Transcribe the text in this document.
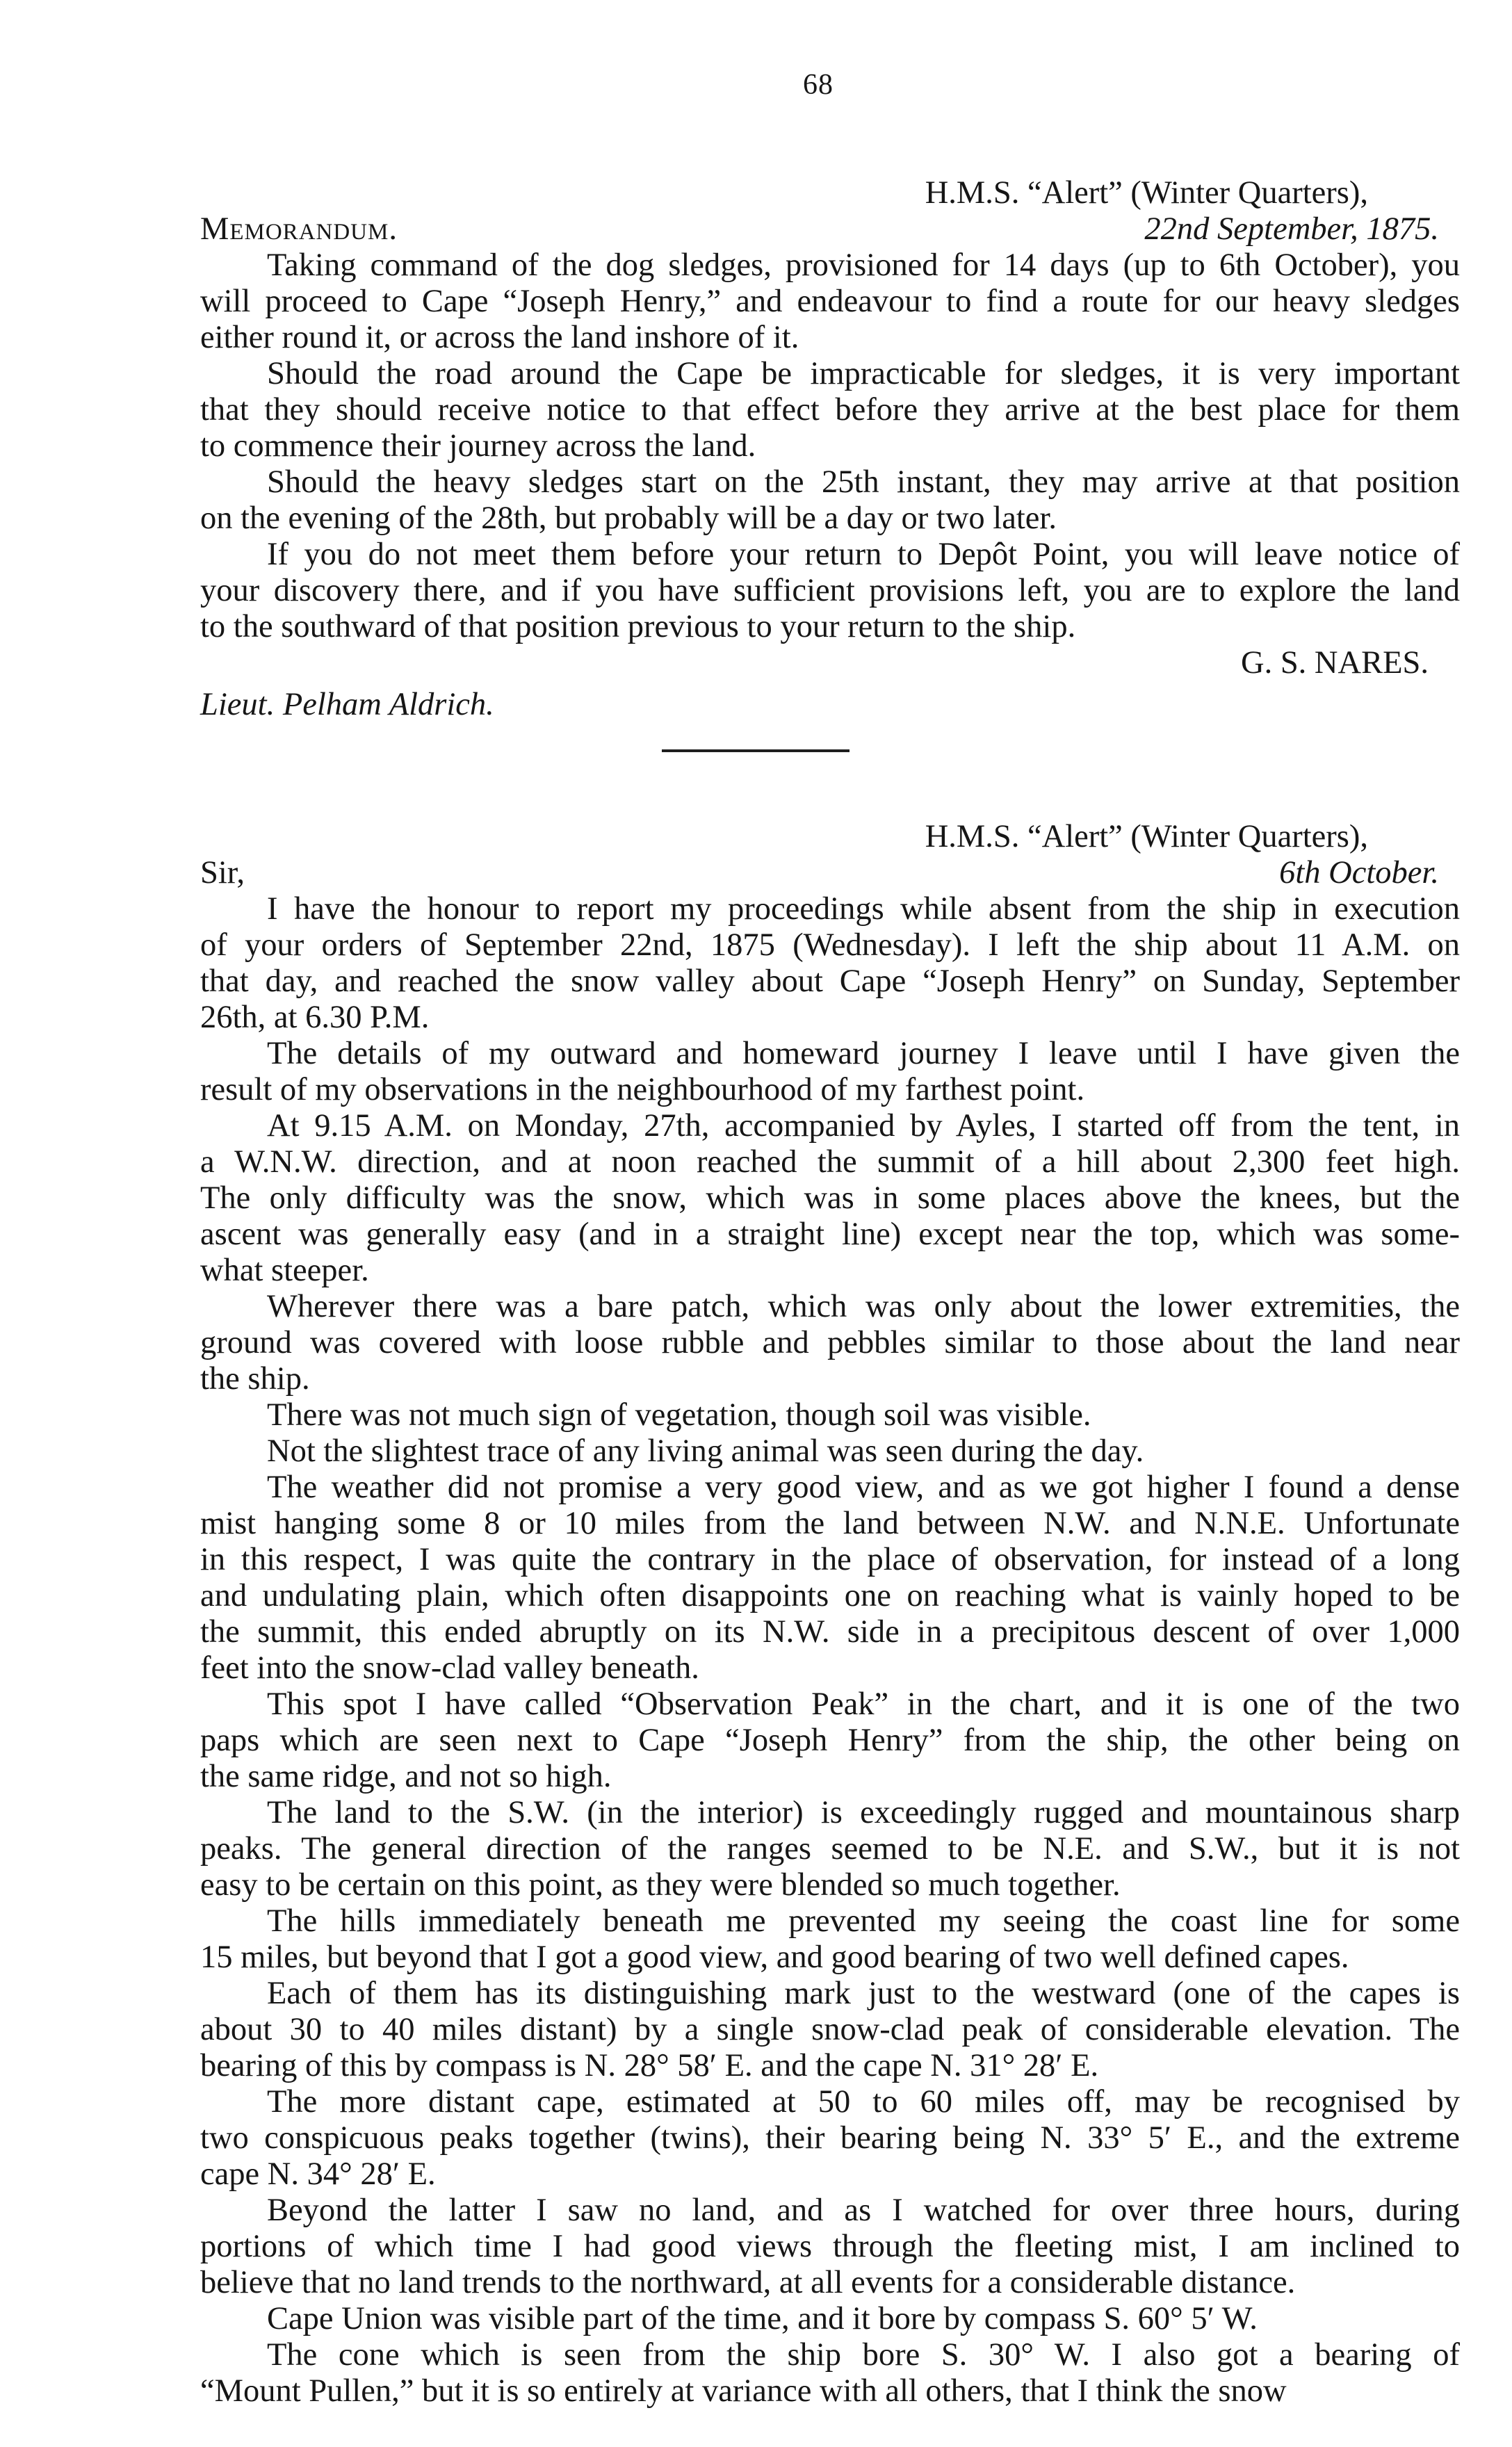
68
H.M.S. “Alert” (Winter Quarters),
Memorandum.	22nd September, 1875.
Taking command of the dog sledges, provisioned for 14 days (up to 6th October), you
will proceed to Cape “Joseph Henry,” and endeavour to find a route for our heavy sledges
either round it, or across the land inshore of it.
Should the road around the Cape be impracticable for sledges, it is very important
that they should receive notice to that effect before they arrive at the best place for them
to commence their journey across the land.
Should the heavy sledges start on the 25th instant, they may arrive at that position
on the evening of the 28th, but probably will be a day or two later.
If you do not meet them before your return to Depôt Point, you will leave notice of
your discovery there, and if you have sufficient provisions left, you are to explore the land
to the southward of that position previous to your return to the ship.
G. S. NARES.
Lieut. Pelham Aldrich.
H.M.S. “Alert” (Winter Quarters),
Sir,	6th October.
I have the honour to report my proceedings while absent from the ship in execution
of your orders of September 22nd, 1875 (Wednesday). I left the ship about 11 A.M. on
that day, and reached the snow valley about Cape “Joseph Henry” on Sunday, September
26th, at 6.30 P.M.
The details of my outward and homeward journey I leave until I have given the
result of my observations in the neighbourhood of my farthest point.
At 9.15 A.M. on Monday, 27th, accompanied by Ayles, I started off from the tent, in
a W.N.W. direction, and at noon reached the summit of a hill about 2,300 feet high.
The only difficulty was the snow, which was in some places above the knees, but the
ascent was generally easy (and in a straight line) except near the top, which was some-
what steeper.
Wherever there was a bare patch, which was only about the lower extremities, the
ground was covered with loose rubble and pebbles similar to those about the land near
the ship.
There was not much sign of vegetation, though soil was visible.
Not the slightest trace of any living animal was seen during the day.
The weather did not promise a very good view, and as we got higher I found a dense
mist hanging some 8 or 10 miles from the land between N.W. and N.N.E. Unfortunate
in this respect, I was quite the contrary in the place of observation, for instead of a long
and undulating plain, which often disappoints one on reaching what is vainly hoped to be
the summit, this ended abruptly on its N.W. side in a precipitous descent of over 1,000
feet into the snow-clad valley beneath.
This spot I have called “Observation Peak” in the chart, and it is one of the two
paps which are seen next to Cape “Joseph Henry” from the ship, the other being on
the same ridge, and not so high.
The land to the S.W. (in the interior) is exceedingly rugged and mountainous sharp
peaks. The general direction of the ranges seemed to be N.E. and S.W., but it is not
easy to be certain on this point, as they were blended so much together.
The hills immediately beneath me prevented my seeing the coast line for some
15 miles, but beyond that I got a good view, and good bearing of two well defined capes.
Each of them has its distinguishing mark just to the westward (one of the capes is
about 30 to 40 miles distant) by a single snow-clad peak of considerable elevation. The
bearing of this by compass is N. 28° 58′ E. and the cape N. 31° 28′ E.
The more distant cape, estimated at 50 to 60 miles off, may be recognised by
two conspicuous peaks together (twins), their bearing being N. 33° 5′ E., and the extreme
cape N. 34° 28′ E.
Beyond the latter I saw no land, and as I watched for over three hours, during
portions of which time I had good views through the fleeting mist, I am inclined to
believe that no land trends to the northward, at all events for a considerable distance.
Cape Union was visible part of the time, and it bore by compass S. 60° 5′ W.
The cone which is seen from the ship bore S. 30° W. I also got a bearing of
“Mount Pullen,” but it is so entirely at variance with all others, that I think the snow
